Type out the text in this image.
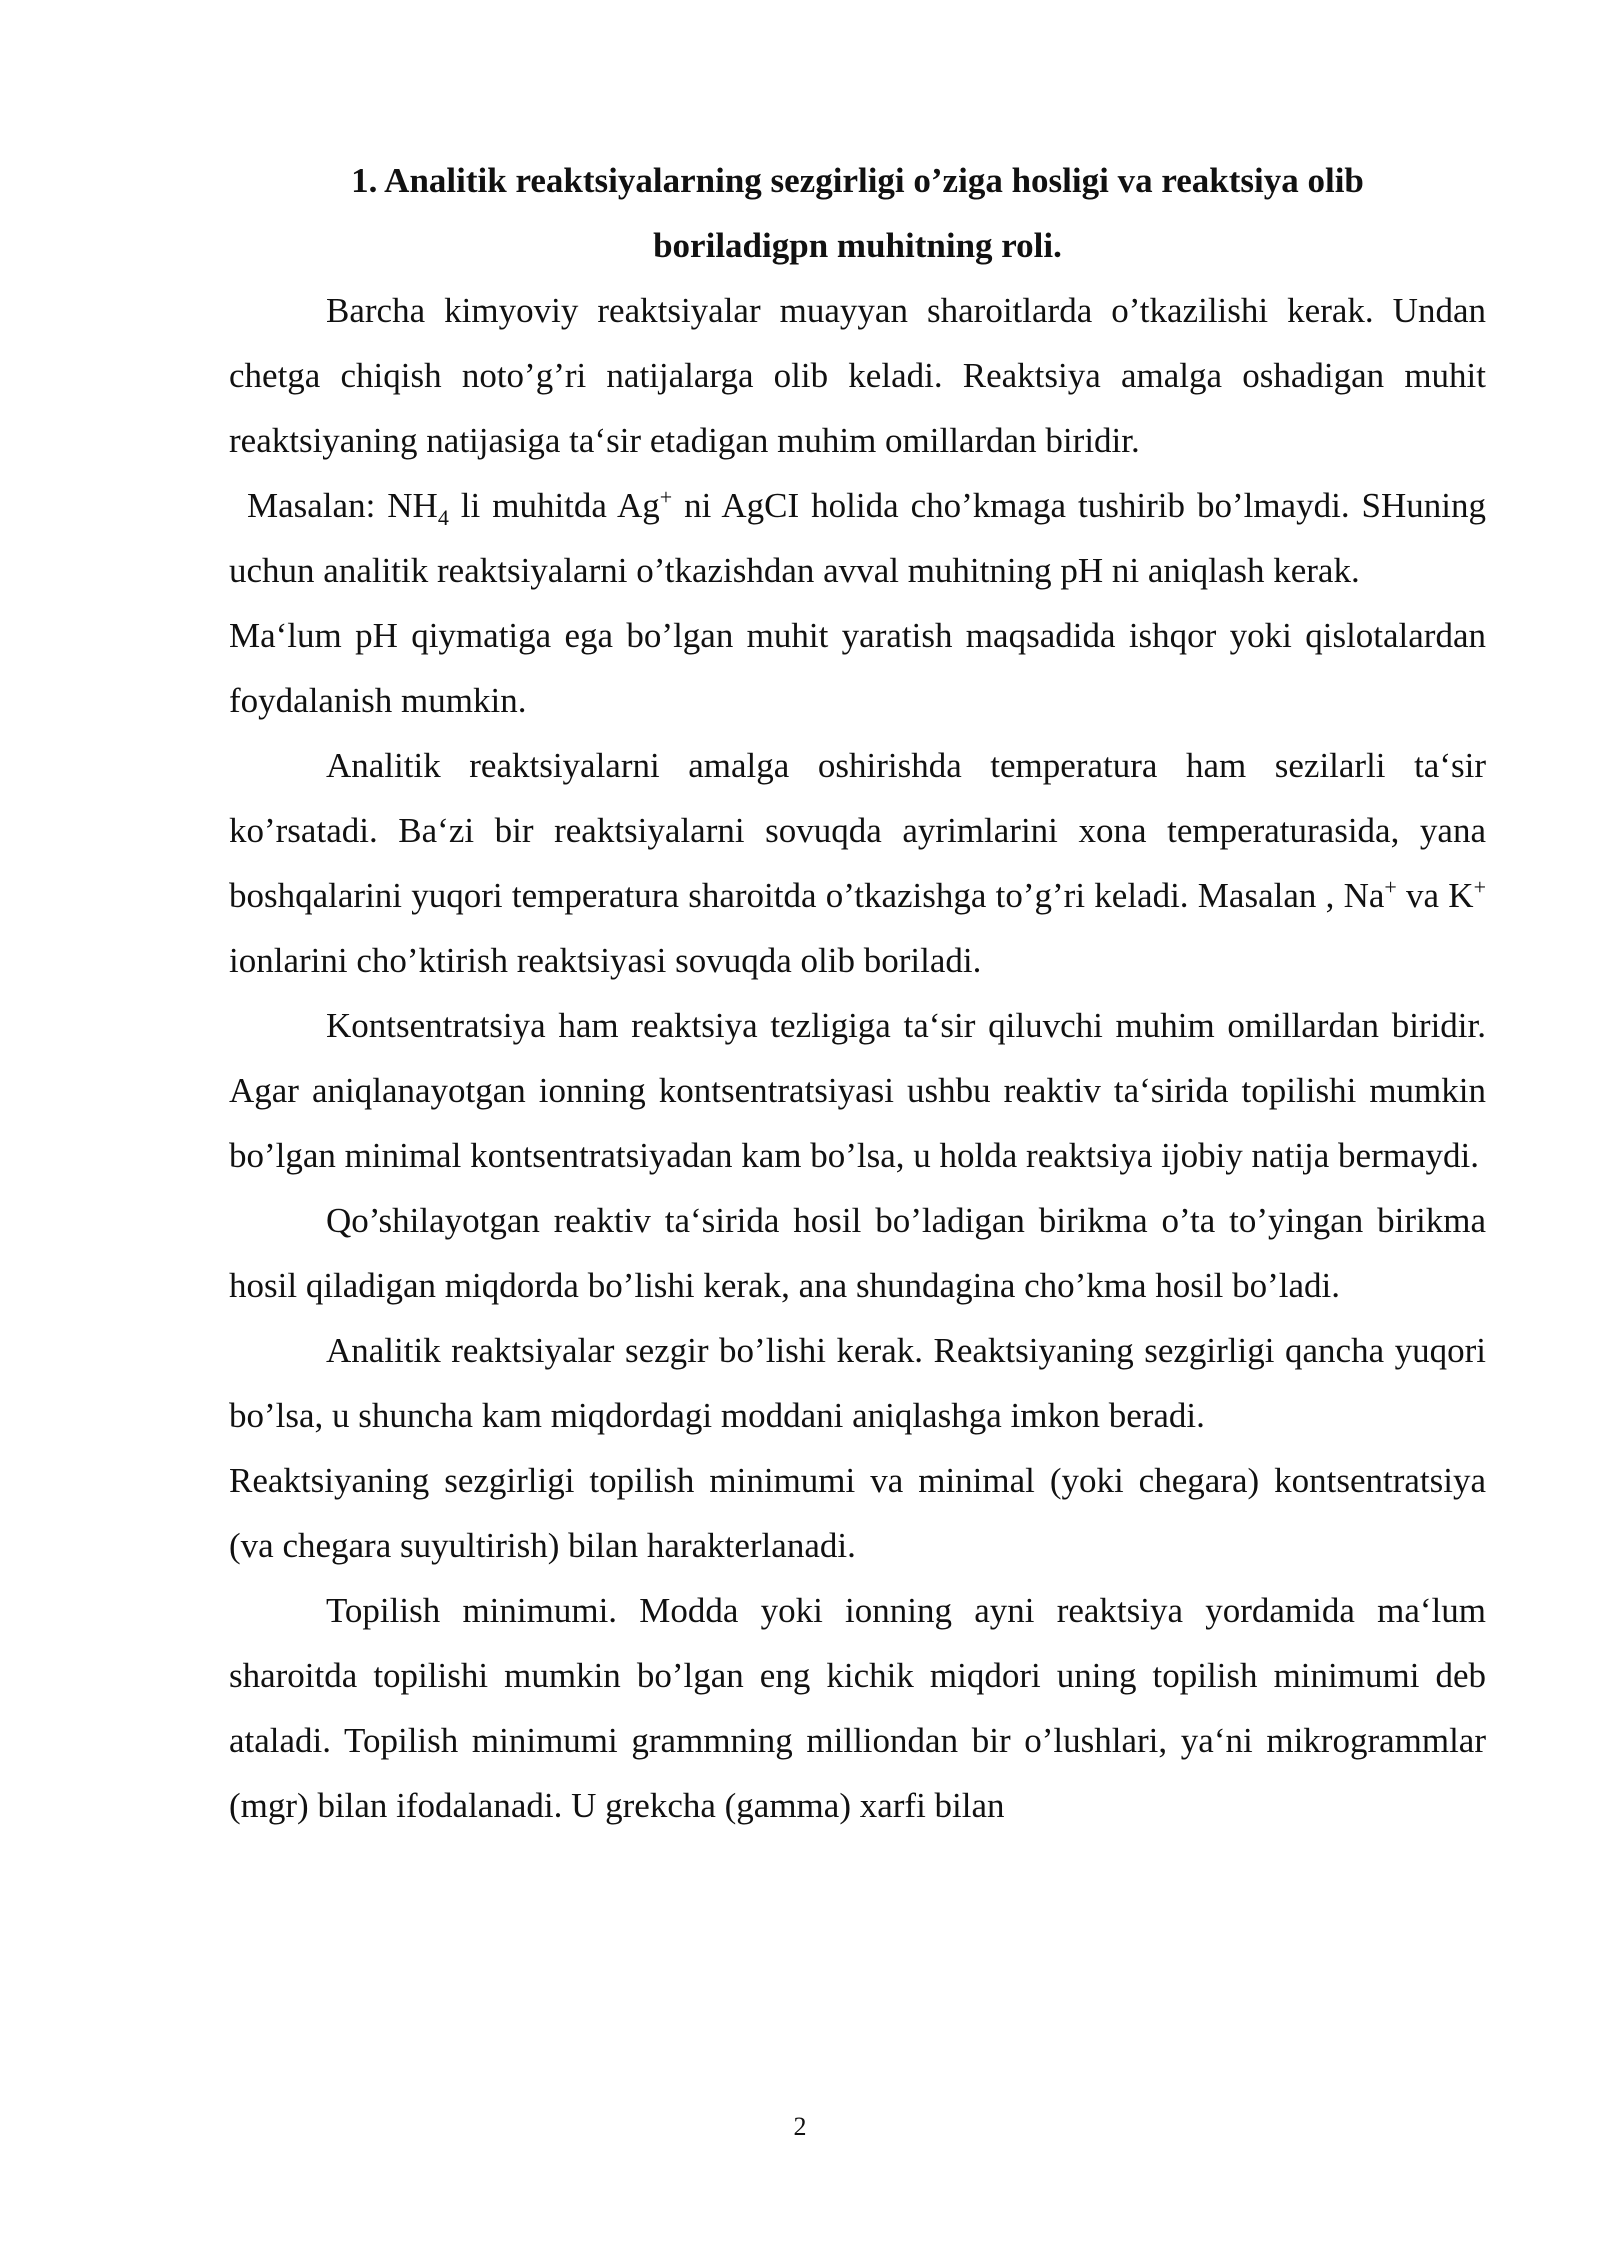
1. Analitik reaktsiyalarning sezgirligi o’ziga hosligi va reaktsiya olib

boriladigpn muhitning roli.

Barcha kimyoviy reaktsiyalar muayyan sharoitlarda o’tkazilishi kerak. Undan chetga chiqish noto’g’ri natijalarga olib keladi. Reaktsiya amalga oshadigan muhit reaktsiyaning natijasiga ta‘sir etadigan muhim omillardan biridir.

Masalan: $NH_4$ li muhitda Ag+ ni AgCI holida cho’kmaga tushirib bo’lmaydi. SHuning uchun analitik reaktsiyalarni o’tkazishdan avval muhitning pH ni aniqlash kerak.

Ma‘lum pH qiymatiga ega bo’lgan muhit yaratish maqsadida ishqor yoki qislotalardan foydalanish mumkin.

Analitik reaktsiyalarni amalga oshirishda temperatura ham sezilarli ta‘sir ko’rsatadi. Ba‘zi bir reaktsiyalarni sovuqda ayrimlarini xona temperaturasida, yana boshqalarini yuqori temperatura sharoitda o’tkazishga to’g’ri keladi. Masalan , Na+ va K+ ionlarini cho’ktirish reaktsiyasi sovuqda olib boriladi.

Kontsentratsiya ham reaktsiya tezligiga ta‘sir qiluvchi muhim omillardan biridir. Agar aniqlanayotgan ionning kontsentratsiyasi ushbu reaktiv ta‘sirida topilishi mumkin bo’lgan minimal kontsentratsiyadan kam bo’lsa, u holda reaktsiya ijobiy natija bermaydi.

Qo’shilayotgan reaktiv ta‘sirida hosil bo’ladigan birikma o’ta to’yingan birikma hosil qiladigan miqdorda bo’lishi kerak, ana shundagina cho’kma hosil bo’ladi.

Analitik reaktsiyalar sezgir bo’lishi kerak. Reaktsiyaning sezgirligi qancha yuqori bo’lsa, u shuncha kam miqdordagi moddani aniqlashga imkon beradi.

Reaktsiyaning sezgirligi topilish minimumi va minimal (yoki chegara) kontsentratsiya (va chegara suyultirish) bilan harakterlanadi.

Topilish minimumi. Modda yoki ionning ayni reaktsiya yordamida ma‘lum sharoitda topilishi mumkin bo’lgan eng kichik miqdori uning topilish minimumi deb ataladi. Topilish minimumi grammning milliondan bir o’lushlari, ya‘ni mikrogrammlar (mgr) bilan ifodalanadi. U grekcha (gamma) xarfi bilan

2
